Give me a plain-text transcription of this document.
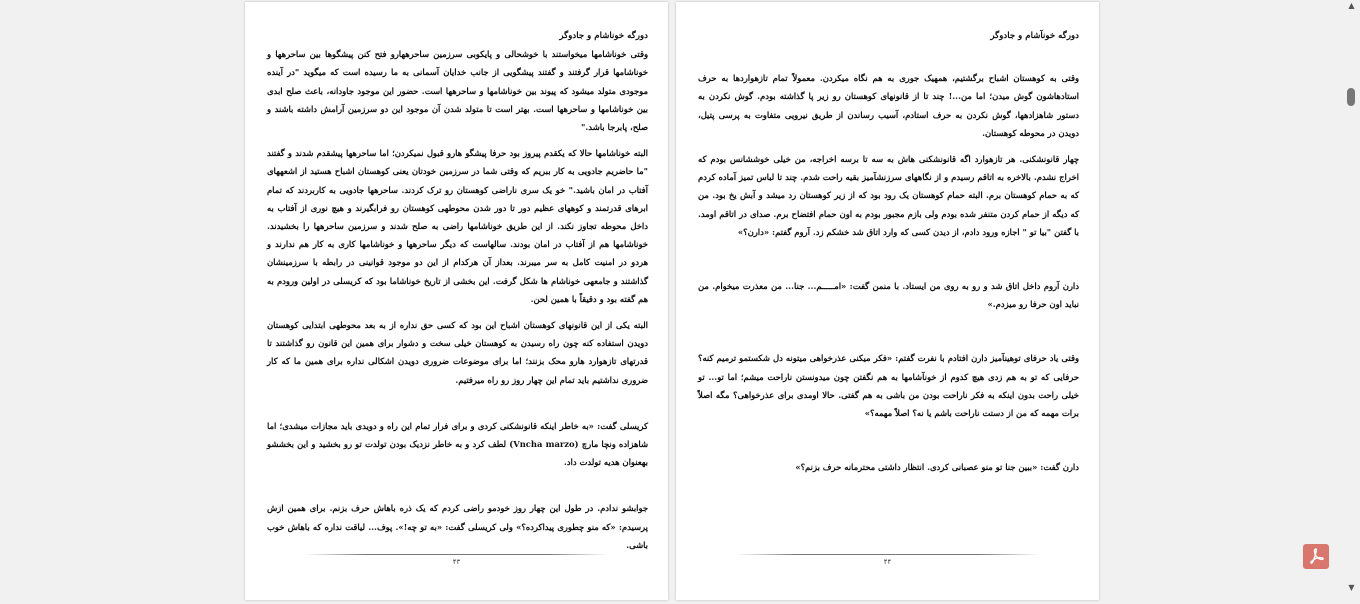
دورگه خوناشام و جادوگر
وقتی خوناشامها میخواستند با خوشحالی و پایکوبی سرزمین ساحرههارو فتح کنن پیشگوها بین ساحرهها و خوناشامها قرار گرفتند و گفتند پیشگویی از جانب خدایان آسمانی به ما رسیده است که میگوید "در آینده موجودی متولد میشود که پیوند بین خوناشامها و ساحرهها است. حضور این موجود جاودانه، باعث صلح ابدی بین خوناشامها و ساحرهها است. بهتر است تا متولد شدن آن موجود این دو سرزمین آرامش داشته باشند و صلح، پابرجا باشد."
البته خوناشامها حالا که یکقدم پیروز بود حرفا پیشگو هارو قبول نمیکردن؛ اما ساحرهها پیشقدم شدند و گفتند "ما حاضریم جادویی به کار ببریم که وقتی شما در سرزمین خودتان یعنی کوهستان اشباح هستید از اشعههای آفتاب در امان باشید." خو یک سری ناراضی کوهستان رو ترک کردند. ساحرهها جادویی به کاربردند که تمام ابرهای قدرتمند و کوههای عظیم دور تا دور شدن محوطهی کوهستان رو فرابگیرند و هیچ نوری از آفتاب به داخل محوطه تجاوز نکند. از این طریق خوناشامها راضی به صلح شدند و سرزمین ساحرهها را بخشیدند. خوناشامها هم از آفتاب در امان بودند. سالهاست که دیگر ساحرهها و خوناشامها کاری به کار هم ندارند و هردو در امنیت کامل به سر میبرند. بعداز آن هرکدام از این دو موجود قوانینی در رابطه با سرزمینشان گذاشتند و جامعهی خوناشام ها شکل گرفت. این بخشی از تاریخ خوناشاما بود که کریسلی در اولین ورودم به هم گفته بود و دقیقاً با همین لحن.
البته یکی از این قانونهای کوهستان اشباح این بود که کسی حق نداره از به بعد محوطهی ابتدایی کوهستان دویدن استفاده کنه چون راه رسیدن به کوهستان خیلی سخت و دشوار برای همین این قانون رو گذاشتند تا قدرتهای تازهوارد هارو محک بزنند؛ اما برای موضوعات ضروری دویدن اشکالی نداره برای همین ما که کار ضروری نداشتیم باید تمام این چهار روز رو راه میرفتیم.
کریسلی گفت: «به خاطر اینکه قانونشکنی کردی و برای فرار تمام این راه و دویدی باید مجازات میشدی؛ اما شاهزاده ونچا مارچ (Vncha marzo) لطف کرد و به خاطر نزدیک بودن تولدت تو رو بخشید و این بخششو بهعنوان هدیه تولدت داد.
جوابشو ندادم. در طول این چهار روز خودمو راضی کردم که یک ذره باهاش حرف بزنم. برای همین ازش پرسیدم: «که منو چطوری پیداکرده؟» ولی کریسلی گفت: «به تو چه!». پوف... لیاقت نداره که باهاش خوب باشی.
۴۳
دورگه خونآشام و جادوگر
وقتی به کوهستان اشباح برگشتیم، همهیک جوری به هم نگاه میکردن. معمولاً تمام تازهواردها به حرف استادهاشون گوش میدن؛ اما من...! چند تا از قانونهای کوهستان رو زیر پا گذاشته بودم. گوش نکردن به دستور شاهزادهها، گوش نکردن به حرف استادم، آسیب رساندن از طریق نیرویی متفاوت به پرسی پتیل، دویدن در محوطه کوهستان.
چهار قانونشکنی. هر تازهوارد اگه قانونشکنی هاش به سه تا برسه اخراجه، من خیلی خوششانس بودم که اخراج نشدم. بالاخره به اتاقم رسیدم و از نگاههای سرزنشآمیز بقیه راحت شدم. چند تا لباس تمیز آماده کردم که به حمام کوهستان برم. البته حمام کوهستان یک رود بود که از زیر کوهستان رد میشد و آبش یخ بود. من که دیگه از حمام کردن متنفر شده بودم ولی بازم مجبور بودم به اون حمام افتضاح برم. صدای در اتاقم اومد. با گفتن "بیا تو " اجازه ورود دادم، از دیدن کسی که وارد اتاق شد خشکم زد. آروم گفتم: «دارن؟»
دارن آروم داخل اتاق شد و رو به روی من ایستاد. با منمن گفت: «امـــــم... جنا... من معذرت میخوام. من نباید اون حرفا رو میزدم.»
وقتی یاد حرفای توهینآمیز دارن افتادم با نفرت گفتم: «فکر میکنی عذرخواهی میتونه دل شکستمو ترمیم کنه؟ حرفایی که تو به هم زدی هیچ کدوم از خونآشامها به هم نگفتن چون میدونستن ناراحت میشم؛ اما تو... تو خیلی راحت بدون اینکه به فکر ناراحت بودن من باشی به هم گفتی. حالا اومدی برای عذرخواهی؟ مگه اصلاً برات مهمه که من از دستت ناراحت باشم یا نه؟ اصلاً مهمه؟»
دارن گفت: «ببین جنا تو منو عصبانی کردی. انتظار داشتی محترمانه حرف بزنم؟»
۴۴
▲
▼
